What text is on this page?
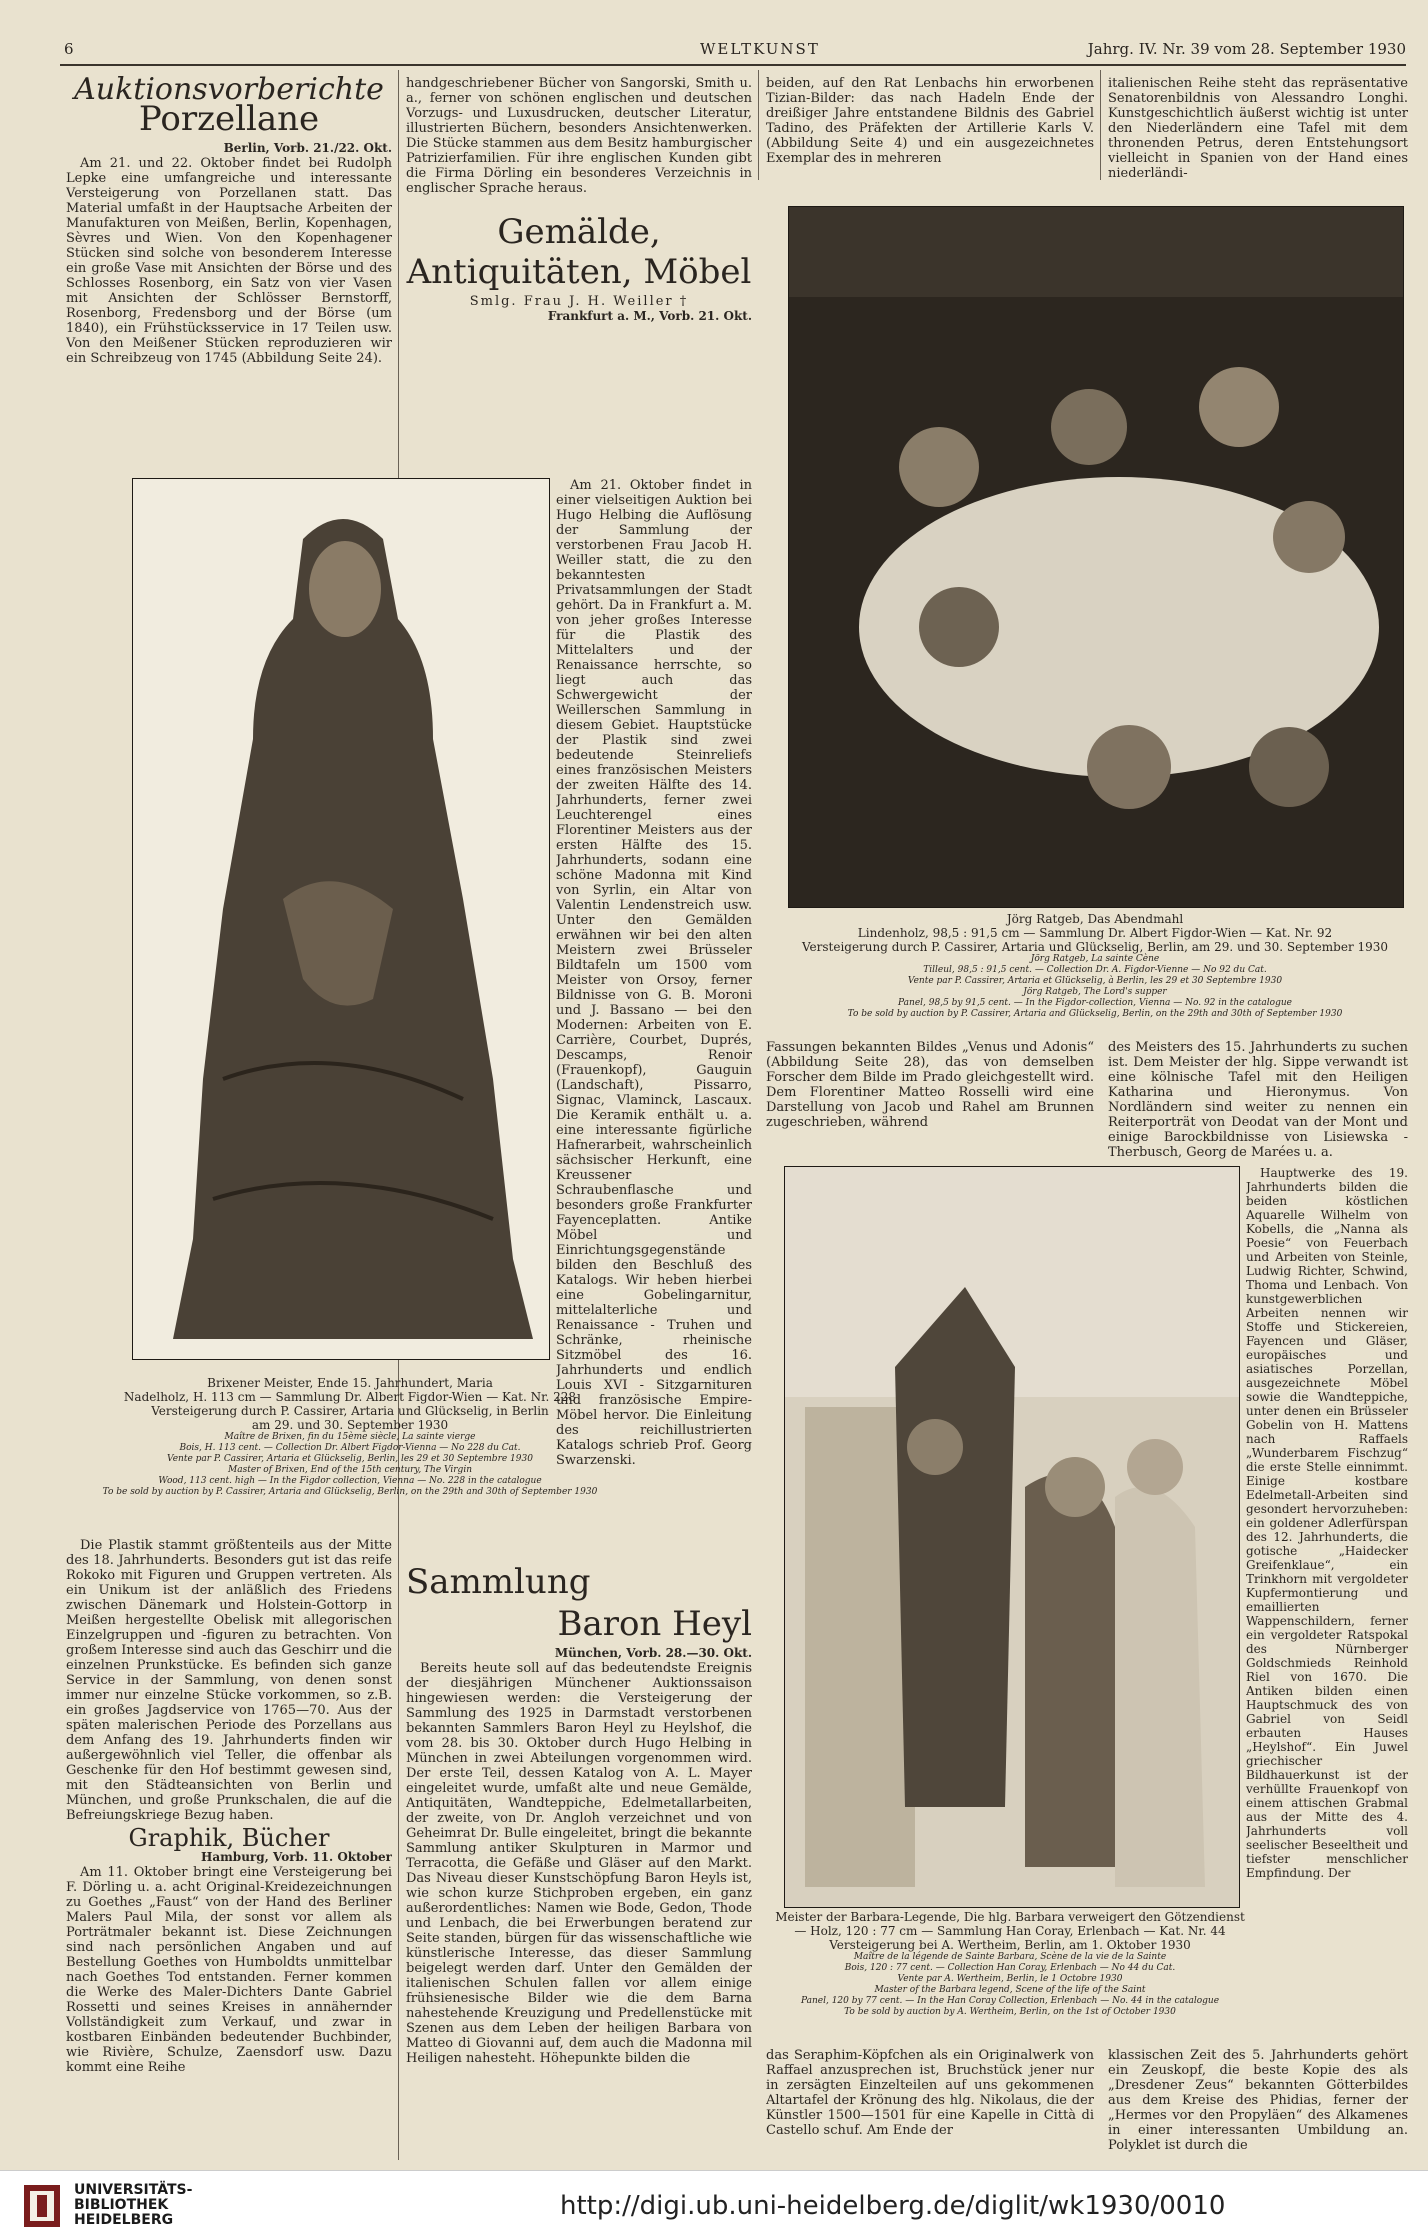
6	WELTKUNST	Jahrg. IV. Nr. 39 vom 28. September 1930
Auktionsvorberichte
Porzellane
Berlin, Vorb. 21./22. Okt.

Am 21. und 22. Oktober findet bei Rudolph Lepke eine umfangreiche und interessante Versteigerung von Porzellanen statt. Das Material umfaßt in der Hauptsache Arbeiten der Manufakturen von Meißen, Berlin, Kopenhagen, Sèvres und Wien. Von den Kopenhagener Stücken sind solche von besonderem Interesse ein große Vase mit Ansichten der Börse und des Schlosses Rosenborg, ein Satz von vier Vasen mit Ansichten der Schlösser Bernstorff, Rosenborg, Fredensborg und der Börse (um 1840), ein Frühstücksservice in 17 Teilen usw. Von den Meißener Stücken reproduzieren wir ein Schreibzeug von 1745 (Abbildung Seite 24).

Brixener Meister, Ende 15. Jahrhundert, Maria
Nadelholz, H. 113 cm — Sammlung Dr. Albert Figdor-Wien — Kat. Nr. 228
Versteigerung durch P. Cassirer, Artaria und Glückselig, in Berlin
am 29. und 30. September 1930
Maître de Brixen, fin du 15ème siècle, La sainte vierge
Bois, H. 113 cent. — Collection Dr. Albert Figdor-Vienna — No 228 du Cat.
Vente par P. Cassirer, Artaria et Glückselig, Berlin, les 29 et 30 Septembre 1930
Master of Brixen, End of the 15th century, The Virgin
Wood, 113 cent. high — In the Figdor collection, Vienna — No. 228 in the catalogue
To be sold by auction by P. Cassirer, Artaria and Glückselig, Berlin, on the 29th and 30th of September 1930

Die Plastik stammt größtenteils aus der Mitte des 18. Jahrhunderts. Besonders gut ist das reife Rokoko mit Figuren und Gruppen vertreten. Als ein Unikum ist der anläßlich des Friedens zwischen Dänemark und Holstein-Gottorp in Meißen hergestellte Obelisk mit allegorischen Einzelgruppen und -figuren zu betrachten. Von großem Interesse sind auch das Geschirr und die einzelnen Prunkstücke. Es befinden sich ganze Service in der Sammlung, von denen sonst immer nur einzelne Stücke vorkommen, so z.B. ein großes Jagdservice von 1765—70. Aus der späten malerischen Periode des Porzellans aus dem Anfang des 19. Jahrhunderts finden wir außergewöhnlich viel Teller, die offenbar als Geschenke für den Hof bestimmt gewesen sind, mit den Städteansichten von Berlin und München, und große Prunkschalen, die auf die Befreiungskriege Bezug haben.

Graphik, Bücher
Hamburg, Vorb. 11. Oktober

Am 11. Oktober bringt eine Versteigerung bei F. Dörling u. a. acht Original-Kreidezeichnungen zu Goethes „Faust“ von der Hand des Berliner Malers Paul Mila, der sonst vor allem als Porträtmaler bekannt ist. Diese Zeichnungen sind nach persönlichen Angaben und auf Bestellung Goethes von Humboldts unmittelbar nach Goethes Tod entstanden. Ferner kommen die Werke des Maler-Dichters Dante Gabriel Rossetti und seines Kreises in annähernder Vollständigkeit zum Verkauf, und zwar in kostbaren Einbänden bedeutender Buchbinder, wie Rivière, Schulze, Zaensdorf usw. Dazu kommt eine Reihe

handgeschriebener Bücher von Sangorski, Smith u. a., ferner von schönen englischen und deutschen Vorzugs- und Luxusdrucken, deutscher Literatur, illustrierten Büchern, besonders Ansichtenwerken. Die Stücke stammen aus dem Besitz hamburgischer Patrizierfamilien. Für ihre englischen Kunden gibt die Firma Dörling ein besonderes Verzeichnis in englischer Sprache heraus.

Gemälde, Antiquitäten, Möbel
Smlg. Frau J. H. Weiller †
Frankfurt a. M., Vorb. 21. Okt.

Am 21. Oktober findet in einer vielseitigen Auktion bei Hugo Helbing die Auflösung der Sammlung der verstorbenen Frau Jacob H. Weiller statt, die zu den bekanntesten Privatsammlungen der Stadt gehört. Da in Frankfurt a. M. von jeher großes Interesse für die Plastik des Mittelalters und der Renaissance herrschte, so liegt auch das Schwergewicht der Weillerschen Sammlung in diesem Gebiet. Hauptstücke der Plastik sind zwei bedeutende Steinreliefs eines französischen Meisters der zweiten Hälfte des 14. Jahrhunderts, ferner zwei Leuchterengel eines Florentiner Meisters aus der ersten Hälfte des 15. Jahrhunderts, sodann eine schöne Madonna mit Kind von Syrlin, ein Altar von Valentin Lendenstreich usw. Unter den Gemälden erwähnen wir bei den alten Meistern zwei Brüsseler Bildtafeln um 1500 vom Meister von Orsoy, ferner Bildnisse von G. B. Moroni und J. Bassano — bei den Modernen: Arbeiten von E. Carrière, Courbet, Duprés, Descamps, Renoir (Frauenkopf), Gauguin (Landschaft), Pissarro, Signac, Vlaminck, Lascaux. Die Keramik enthält u. a. eine interessante figürliche Hafnerarbeit, wahrscheinlich sächsischer Herkunft, eine Kreussener Schraubenflasche und besonders große Frankfurter Fayenceplatten. Antike Möbel und Einrichtungsgegenstände bilden den Beschluß des Katalogs. Wir heben hierbei eine Gobelingarnitur, mittelalterliche und Renaissance - Truhen und Schränke, rheinische Sitzmöbel des 16. Jahrhunderts und endlich Louis XVI - Sitzgarnituren und französische Empire-Möbel hervor. Die Einleitung des reichillustrierten Katalogs schrieb Prof. Georg Swarzenski.

Sammlung
Baron Heyl
München, Vorb. 28.—30. Okt.

Bereits heute soll auf das bedeutendste Ereignis der diesjährigen Münchener Auktionssaison hingewiesen werden: die Versteigerung der Sammlung des 1925 in Darmstadt verstorbenen bekannten Sammlers Baron Heyl zu Heylshof, die vom 28. bis 30. Oktober durch Hugo Helbing in München in zwei Abteilungen vorgenommen wird. Der erste Teil, dessen Katalog von A. L. Mayer eingeleitet wurde, umfaßt alte und neue Gemälde, Antiquitäten, Wandteppiche, Edelmetallarbeiten, der zweite, von Dr. Angloh verzeichnet und von Geheimrat Dr. Bulle eingeleitet, bringt die bekannte Sammlung antiker Skulpturen in Marmor und Terracotta, die Gefäße und Gläser auf den Markt. Das Niveau dieser Kunstschöpfung Baron Heyls ist, wie schon kurze Stichproben ergeben, ein ganz außerordentliches: Namen wie Bode, Gedon, Thode und Lenbach, die bei Erwerbungen beratend zur Seite standen, bürgen für das wissenschaftliche wie künstlerische Interesse, das dieser Sammlung beigelegt werden darf. Unter den Gemälden der italienischen Schulen fallen vor allem einige frühsienesische Bilder wie die dem Barna nahestehende Kreuzigung und Predellenstücke mit Szenen aus dem Leben der heiligen Barbara von Matteo di Giovanni auf, dem auch die Madonna mil Heiligen nahesteht. Höhepunkte bilden die

beiden, auf den Rat Lenbachs hin erworbenen Tizian-Bilder: das nach Hadeln Ende der dreißiger Jahre entstandene Bildnis des Gabriel Tadino, des Präfekten der Artillerie Karls V. (Abbildung Seite 4) und ein ausgezeichnetes Exemplar des in mehreren

italienischen Reihe steht das repräsentative Senatorenbildnis von Alessandro Longhi. Kunstgeschichtlich äußerst wichtig ist unter den Niederländern eine Tafel mit dem thronenden Petrus, deren Entstehungsort vielleicht in Spanien von der Hand eines niederländi-

Jörg Ratgeb, Das Abendmahl
Lindenholz, 98,5 : 91,5 cm — Sammlung Dr. Albert Figdor-Wien — Kat. Nr. 92
Versteigerung durch P. Cassirer, Artaria und Glückselig, Berlin, am 29. und 30. September 1930
Jörg Ratgeb, La sainte Cène
Tilleul, 98,5 : 91,5 cent. — Collection Dr. A. Figdor-Vienne — No 92 du Cat.
Vente par P. Cassirer, Artaria et Glückselig, à Berlin, les 29 et 30 Septembre 1930
Jörg Ratgeb, The Lord's supper
Panel, 98,5 by 91,5 cent. — In the Figdor-collection, Vienna — No. 92 in the catalogue
To be sold by auction by P. Cassirer, Artaria and Glückselig, Berlin, on the 29th and 30th of September 1930

Fassungen bekannten Bildes „Venus und Adonis“ (Abbildung Seite 28), das von demselben Forscher dem Bilde im Prado gleichgestellt wird. Dem Florentiner Matteo Rosselli wird eine Darstellung von Jacob und Rahel am Brunnen zugeschrieben, während

des Meisters des 15. Jahrhunderts zu suchen ist. Dem Meister der hlg. Sippe verwandt ist eine kölnische Tafel mit den Heiligen Katharina und Hieronymus. Von Nordländern sind weiter zu nennen ein Reiterporträt von Deodat van der Mont und einige Barockbildnisse von Lisiewska - Therbusch, Georg de Marées u. a.

Meister der Barbara-Legende, Die hlg. Barbara verweigert den Götzendienst — Holz, 120 : 77 cm — Sammlung Han Coray, Erlenbach — Kat. Nr. 44
Versteigerung bei A. Wertheim, Berlin, am 1. Oktober 1930
Maître de la légende de Sainte Barbara, Scène de la vie de la Sainte
Bois, 120 : 77 cent. — Collection Han Coray, Erlenbach — No 44 du Cat.
Vente par A. Wertheim, Berlin, le 1 Octobre 1930
Master of the Barbara legend, Scene of the life of the Saint
Panel, 120 by 77 cent. — In the Han Coray Collection, Erlenbach — No. 44 in the catalogue
To be sold by auction by A. Wertheim, Berlin, on the 1st of October 1930

Hauptwerke des 19. Jahrhunderts bilden die beiden köstlichen Aquarelle Wilhelm von Kobells, die „Nanna als Poesie“ von Feuerbach und Arbeiten von Steinle, Ludwig Richter, Schwind, Thoma und Lenbach. Von kunstgewerblichen Arbeiten nennen wir Stoffe und Stickereien, Fayencen und Gläser, europäisches und asiatisches Porzellan, ausgezeichnete Möbel sowie die Wandteppiche, unter denen ein Brüsseler Gobelin von H. Mattens nach Raffaels „Wunderbarem Fischzug“ die erste Stelle einnimmt. Einige kostbare Edelmetall-Arbeiten sind gesondert hervorzuheben: ein goldener Adlerfürspan des 12. Jahrhunderts, die gotische „Haidecker Greifenklaue“, ein Trinkhorn mit vergoldeter Kupfermontierung und emaillierten Wappenschildern, ferner ein vergoldeter Ratspokal des Nürnberger Goldschmieds Reinhold Riel von 1670. Die Antiken bilden einen Hauptschmuck des von Gabriel von Seidl erbauten Hauses „Heylshof“. Ein Juwel griechischer Bildhauerkunst ist der verhüllte Frauenkopf von einem attischen Grabmal aus der Mitte des 4. Jahrhunderts voll seelischer Beseeltheit und tiefster menschlicher Empfindung. Der

das Seraphim-Köpfchen als ein Originalwerk von Raffael anzusprechen ist, Bruchstück jener nur in zersägten Einzelteilen auf uns gekommenen Altartafel der Krönung des hlg. Nikolaus, die der Künstler 1500—1501 für eine Kapelle in Città di Castello schuf. Am Ende der

klassischen Zeit des 5. Jahrhunderts gehört ein Zeuskopf, die beste Kopie des als „Dresdener Zeus“ bekannten Götterbildes aus dem Kreise des Phidias, ferner der „Hermes vor den Propyläen“ des Alkamenes in einer interessanten Umbildung an. Polyklet ist durch die

UNIVERSITÄTS-
BIBLIOTHEK
HEIDELBERG	http://digi.ub.uni-heidelberg.de/diglit/wk1930/0010
